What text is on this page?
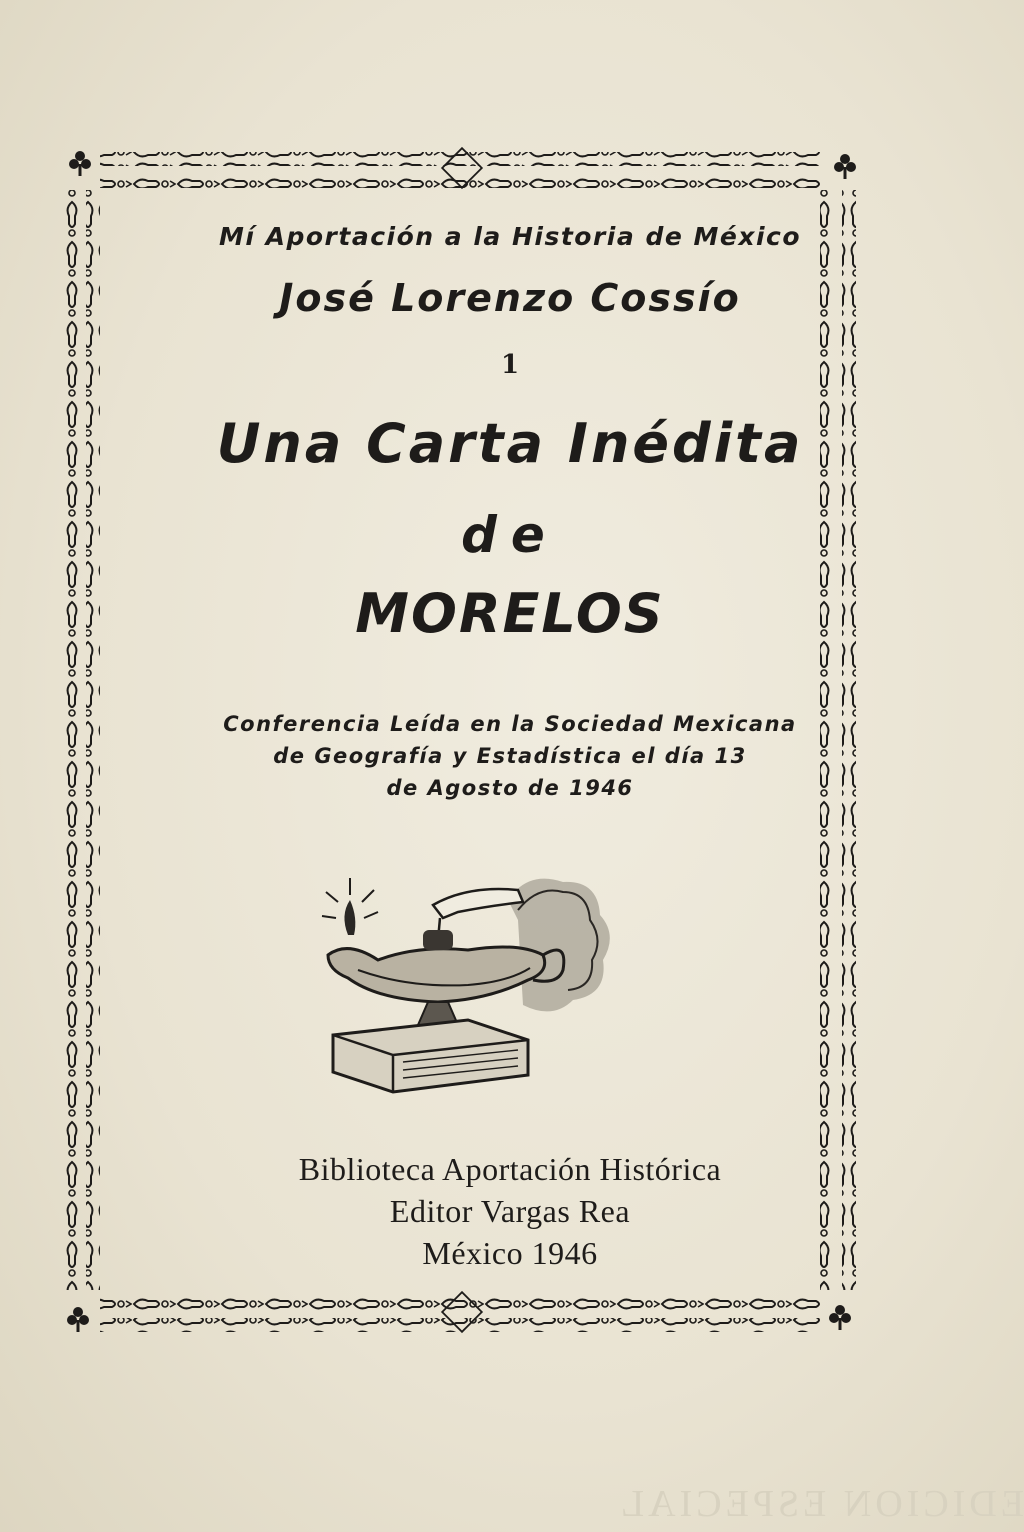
Mí Aportación a la Historia de México
José Lorenzo Cossío
1
Una Carta Inédita
de
MORELOS
Conferencia Leída en la Sociedad Mexicana
de Geografía y Estadística el día 13
de Agosto de 1946
Biblioteca Aportación Histórica
Editor Vargas Rea
México 1946
EDICION ESPECIAL
